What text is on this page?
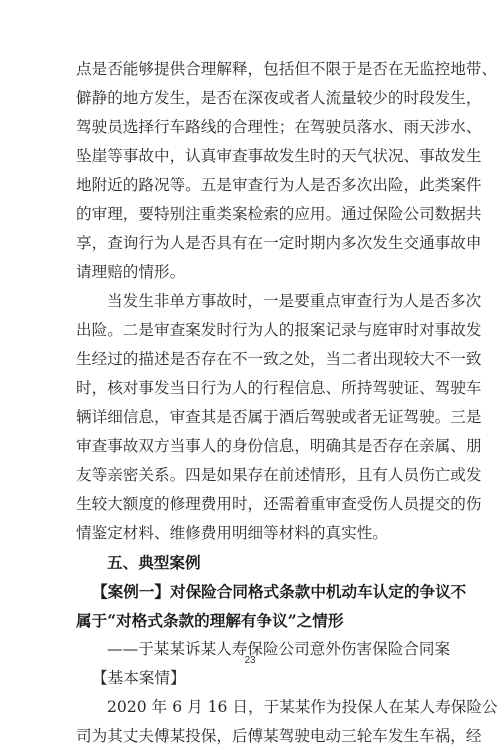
点是否能够提供合理解释，包括但不限于是否在无监控地带、
僻静的地方发生，是否在深夜或者人流量较少的时段发生，
驾驶员选择行车路线的合理性；在驾驶员落水、雨天涉水、
坠崖等事故中，认真审查事故发生时的天气状况、事故发生
地附近的路况等。五是审查行为人是否多次出险，此类案件
的审理，要特别注重类案检索的应用。通过保险公司数据共
享，查询行为人是否具有在一定时期内多次发生交通事故申
请理赔的情形。
当发生非单方事故时，一是要重点审查行为人是否多次
出险。二是审查案发时行为人的报案记录与庭审时对事故发
生经过的描述是否存在不一致之处，当二者出现较大不一致
时，核对事发当日行为人的行程信息、所持驾驶证、驾驶车
辆详细信息，审查其是否属于酒后驾驶或者无证驾驶。三是
审查事故双方当事人的身份信息，明确其是否存在亲属、朋
友等亲密关系。四是如果存在前述情形，且有人员伤亡或发
生较大额度的修理费用时，还需着重审查受伤人员提交的伤
情鉴定材料、维修费用明细等材料的真实性。
五、典型案例
【案例一】对保险合同格式条款中机动车认定的争议不
属于“对格式条款的理解有争议”之情形
——于某某诉某人寿保险公司意外伤害保险合同案
【基本案情】
2020 年 6 月 16 日，于某某作为投保人在某人寿保险公
司为其丈夫傅某投保，后傅某驾驶电动三轮车发生车祸，经
23
